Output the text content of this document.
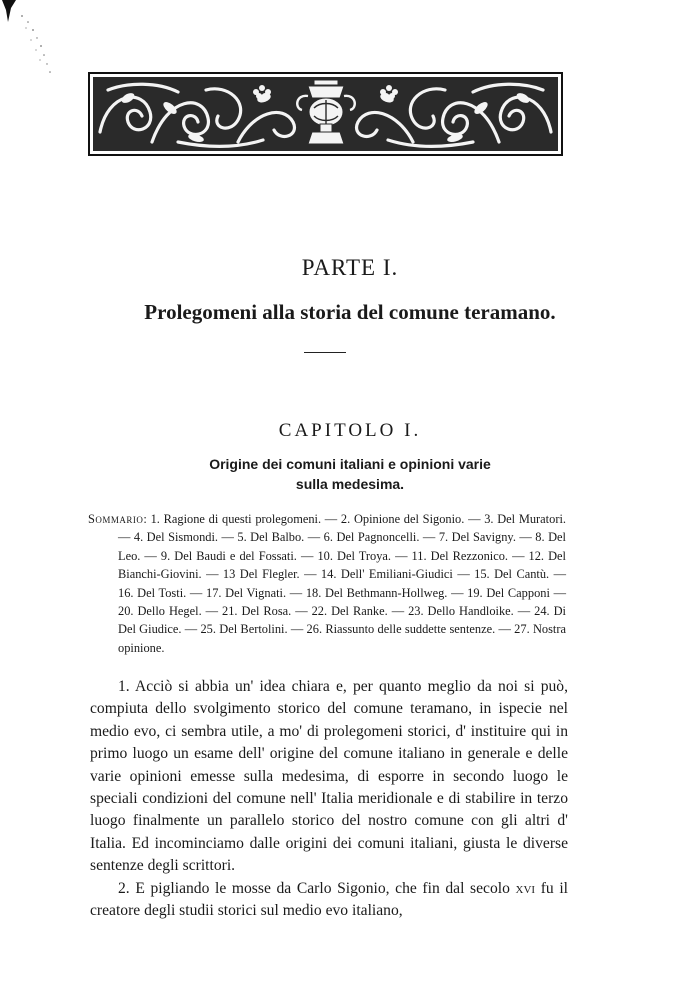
PARTE I.
Prolegomeni alla storia del comune teramano.
CAPITOLO I.
Origine dei comuni italiani e opinioni varie
sulla medesima.
Sommario: 1. Ragione di questi prolegomeni. — 2. Opinione del Sigonio. — 3. Del Muratori. — 4. Del Sismondi. — 5. Del Balbo. — 6. Del Pagnoncelli. — 7. Del Savigny. — 8. Del Leo. — 9. Del Baudi e del Fossati. — 10. Del Troya. — 11. Del Rezzonico. — 12. Del Bianchi-Giovini. — 13 Del Flegler. — 14. Dell' Emiliani-Giudici — 15. Del Cantù. — 16. Del Tosti. — 17. Del Vignati. — 18. Del Bethmann-Hollweg. — 19. Del Capponi — 20. Dello Hegel. — 21. Del Rosa. — 22. Del Ranke. — 23. Dello Handloike. — 24. Di Del Giudice. — 25. Del Bertolini. — 26. Riassunto delle suddette sentenze. — 27. Nostra opinione.

1. Acciò si abbia un' idea chiara e, per quanto meglio da noi si può, compiuta dello svolgimento storico del comune teramano, in ispecie nel medio evo, ci sembra utile, a mo' di prolegomeni storici, d' instituire qui in primo luogo un esame dell' origine del comune italiano in generale e delle varie opinioni emesse sulla medesima, di esporre in secondo luogo le speciali condizioni del comune nell' Italia meridionale e di stabilire in terzo luogo finalmente un parallelo storico del nostro comune con gli altri d' Italia. Ed incominciamo dalle origini dei comuni italiani, giusta le diverse sentenze degli scrittori.

2. E pigliando le mosse da Carlo Sigonio, che fin dal secolo xvi fu il creatore degli studii storici sul medio evo italiano,
